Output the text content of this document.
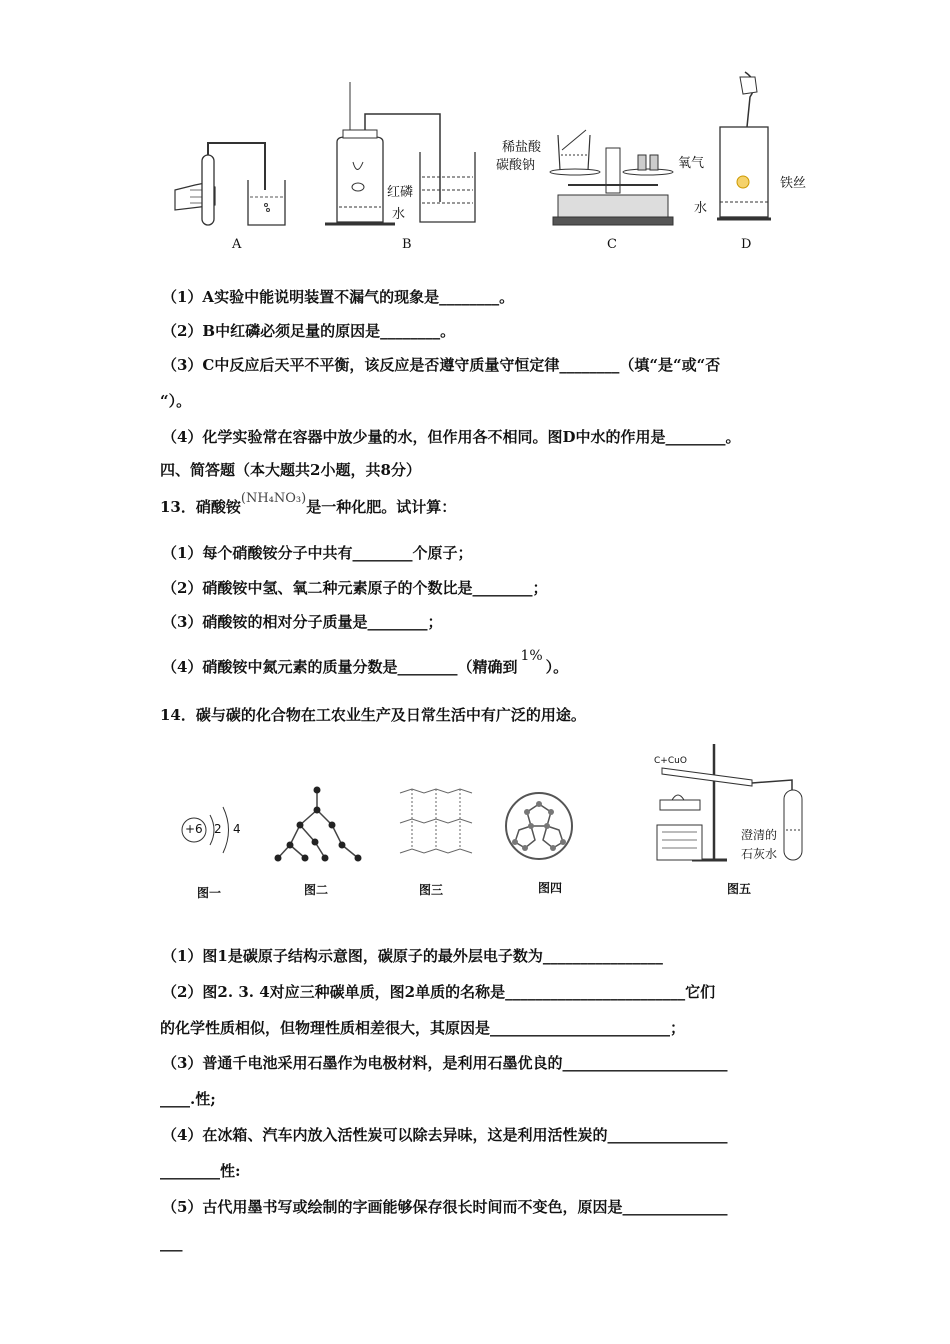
A
红磷
水
B
稀盐酸
碳酸钠
C
氧气
铁丝
水
D
（1）A实验中能说明装置不漏气的现象是________。
（2）B中红磷必须足量的原因是________。
（3）C中反应后天平不平衡，该反应是否遵守质量守恒定律________（填“是“或“否
“）。
（4）化学实验常在容器中放少量的水，但作用各不相同。图D中水的作用是________。
四、简答题（本大题共2小题，共8分）
13．硝酸铵(NH₄NO₃)是一种化肥。试计算：
（1）每个硝酸铵分子中共有________个原子；
（2）硝酸铵中氢、氧二种元素原子的个数比是________；
（3）硝酸铵的相对分子质量是________；
（4）硝酸铵中氮元素的质量分数是________（精确到1%）。
14．碳与碳的化合物在工农业生产及日常生活中有广泛的用途。
+6 2 4
C+CuO
澄清的
石灰水
图一	图二	图三	图四	图五
（1）图1是碳原子结构示意图，碳原子的最外层电子数为________________
（2）图2. 3. 4对应三种碳单质，图2单质的名称是________________________它们
的化学性质相似，但物理性质相差很大，其原因是________________________；
（3）普通千电池采用石墨作为电极材料，是利用石墨优良的______________________
____.性;
（4）在冰箱、汽车内放入活性炭可以除去异味，这是利用活性炭的________________
________性:
（5）古代用墨书写或绘制的字画能够保存很长时间而不变色，原因是______________
___
